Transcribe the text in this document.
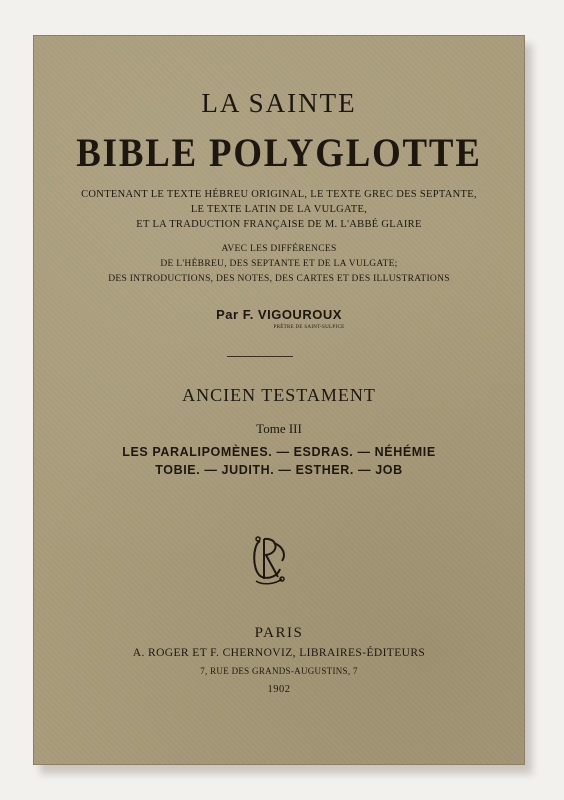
LA SAINTE
BIBLE POLYGLOTTE
CONTENANT LE TEXTE HÉBREU ORIGINAL, LE TEXTE GREC DES SEPTANTE,
LE TEXTE LATIN DE LA VULGATE,
ET LA TRADUCTION FRANÇAISE DE M. L'ABBÉ GLAIRE
AVEC LES DIFFÉRENCES
DE L'HÉBREU, DES SEPTANTE ET DE LA VULGATE;
DES INTRODUCTIONS, DES NOTES, DES CARTES ET DES ILLUSTRATIONS
Par F. VIGOUROUX
PRÊTRE DE SAINT-SULPICE
ANCIEN TESTAMENT
Tome III
LES PARALIPOMÈNES. — ESDRAS. — NÉHÉMIE
TOBIE. — JUDITH. — ESTHER. — JOB
PARIS
A. ROGER ET F. CHERNOVIZ, LIBRAIRES-ÉDITEURS
7, RUE DES GRANDS-AUGUSTINS, 7
1902
